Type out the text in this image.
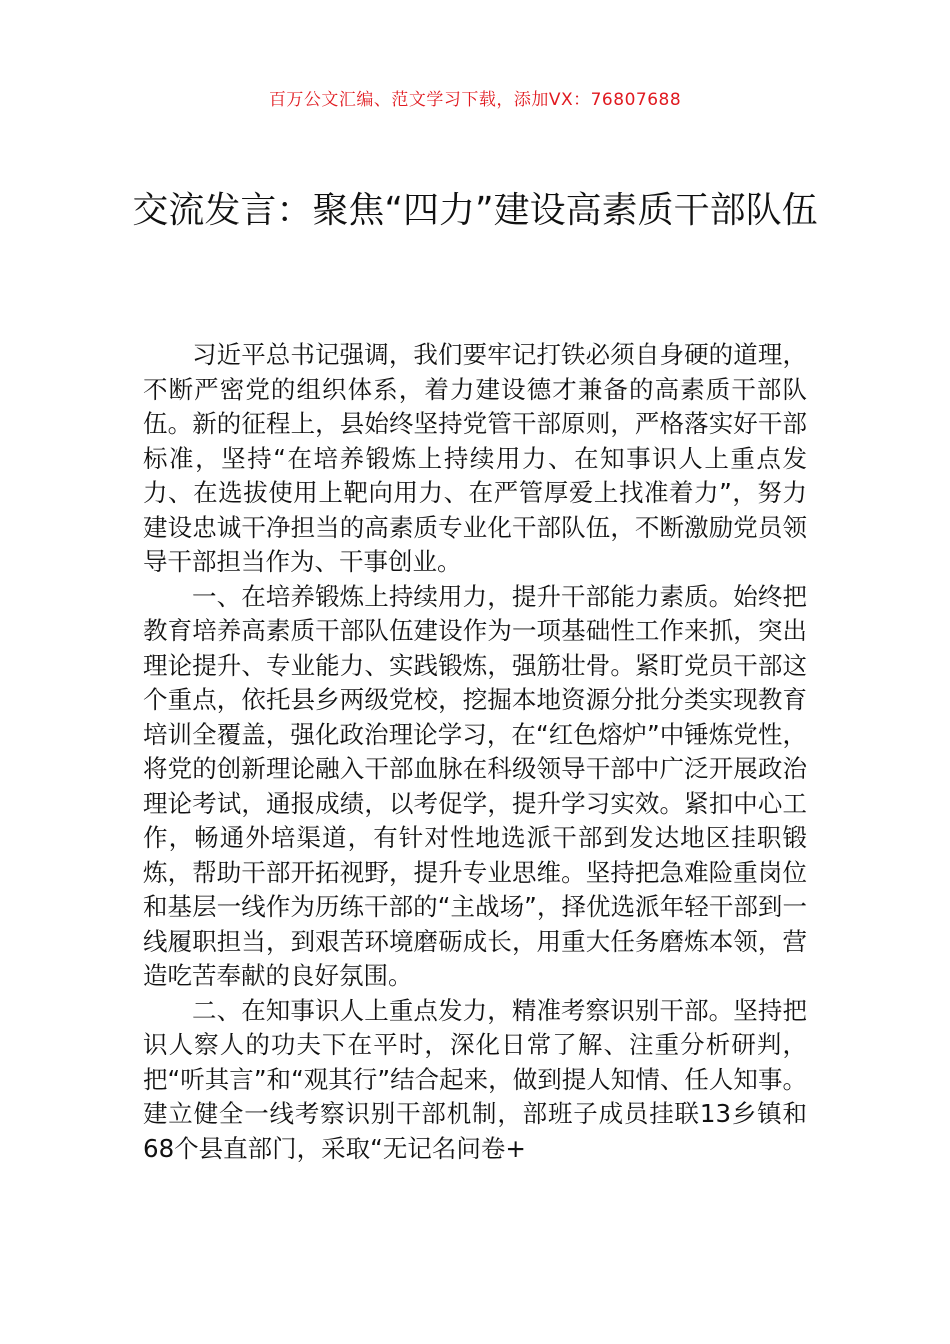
百万公文汇编、范文学习下载，添加VX：76807688
交流发言：聚焦“四力”建设高素质干部队伍

习近平总书记强调，我们要牢记打铁必须自身硬的道理，不断严密党的组织体系，着力建设德才兼备的高素质干部队伍。新的征程上，县始终坚持党管干部原则，严格落实好干部标准，坚持“在培养锻炼上持续用力、在知事识人上重点发力、在选拔使用上靶向用力、在严管厚爱上找准着力”，努力建设忠诚干净担当的高素质专业化干部队伍，不断激励党员领导干部担当作为、干事创业。

一、在培养锻炼上持续用力，提升干部能力素质。始终把教育培养高素质干部队伍建设作为一项基础性工作来抓，突出理论提升、专业能力、实践锻炼，强筋壮骨。紧盯党员干部这个重点，依托县乡两级党校，挖掘本地资源分批分类实现教育培训全覆盖，强化政治理论学习，在“红色熔炉”中锤炼党性，将党的创新理论融入干部血脉在科级领导干部中广泛开展政治理论考试，通报成绩，以考促学，提升学习实效。紧扣中心工作，畅通外培渠道，有针对性地选派干部到发达地区挂职锻炼，帮助干部开拓视野，提升专业思维。坚持把急难险重岗位和基层一线作为历练干部的“主战场”，择优选派年轻干部到一线履职担当，到艰苦环境磨砺成长，用重大任务磨炼本领，营造吃苦奉献的良好氛围。

二、在知事识人上重点发力，精准考察识别干部。坚持把识人察人的功夫下在平时，深化日常了解、注重分析研判，把“听其言”和“观其行”结合起来，做到提人知情、任人知事。建立健全一线考察识别干部机制，部班子成员挂联13乡镇和68个县直部门，采取“无记名问卷+
